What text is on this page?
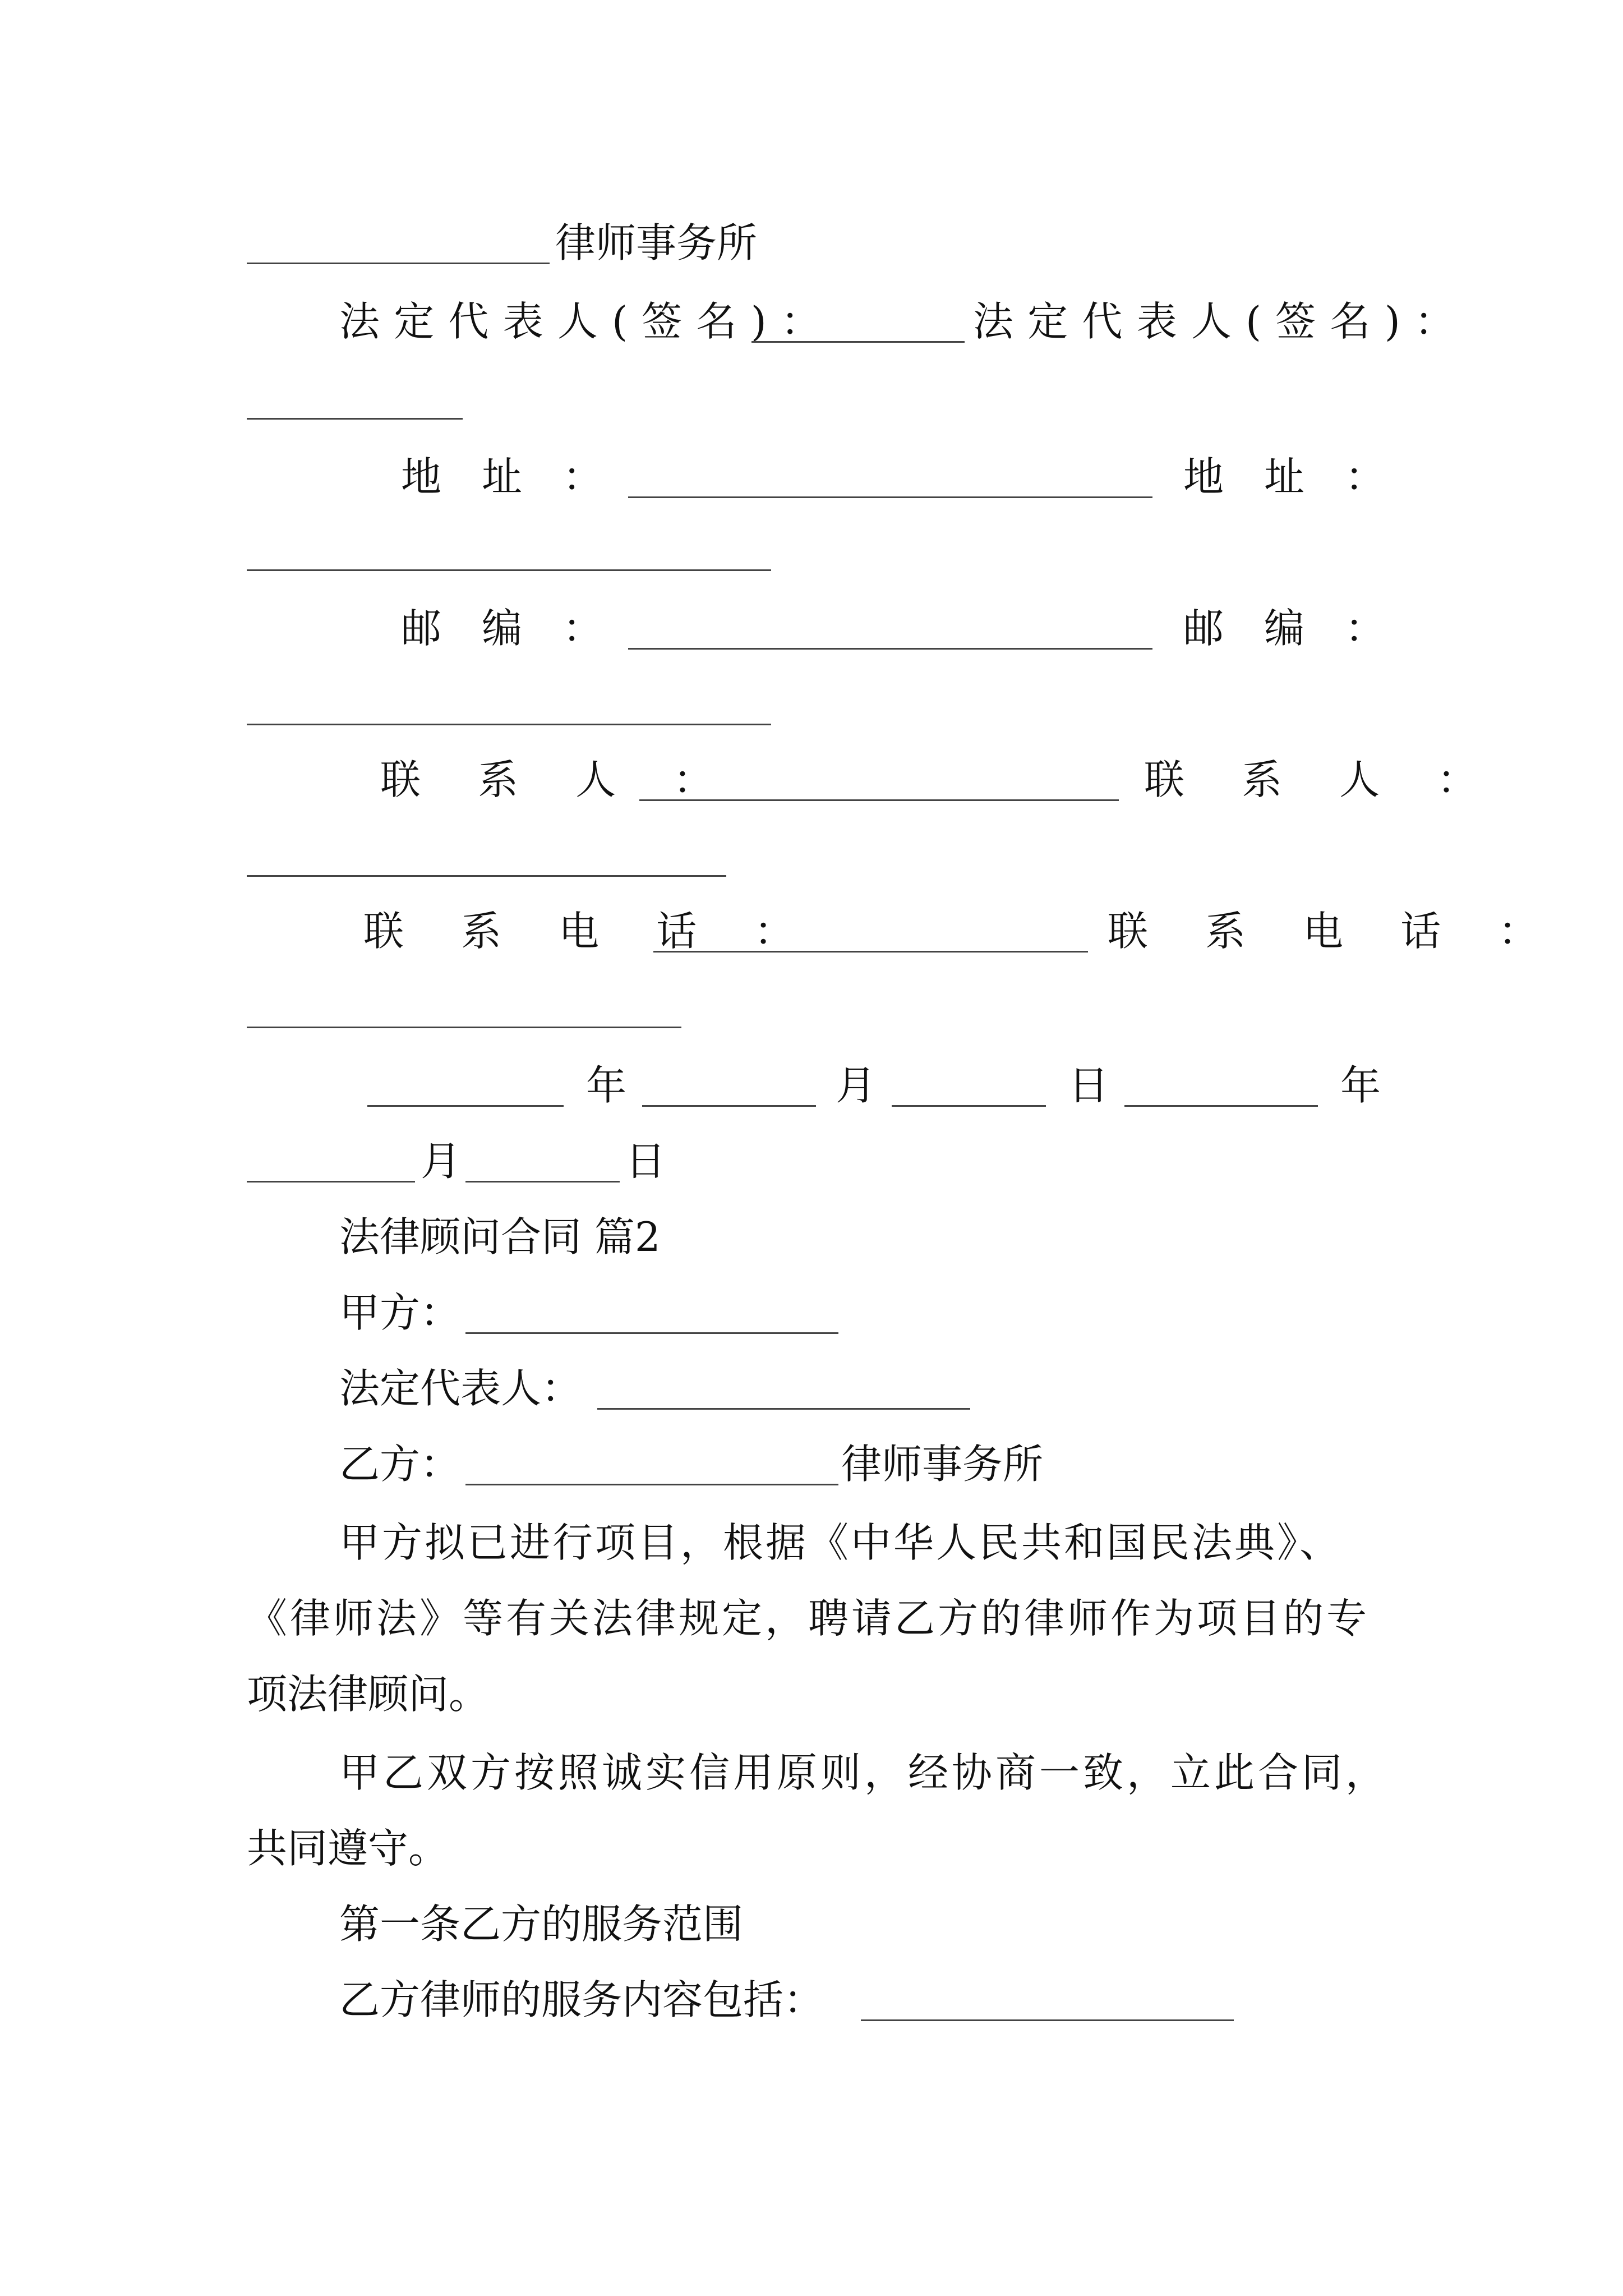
律师事务所
法定代表人(签名)：	法定代表人(签名)：
地　址　：	地　址　：
邮　编　：	邮　编　：
联 系 人 ：	联 系 人 ：
联 系 电 话 ：	联 系 电 话 ：
年	月	日	年
月	日
法律顾问合同 篇2
甲方：
法定代表人：
乙方：	律师事务所
甲方拟已进行项目，根据《中华人民共和国民法典》、
《律师法》等有关法律规定，聘请乙方的律师作为项目的专
项法律顾问。
甲乙双方按照诚实信用原则，经协商一致，立此合同，
共同遵守。
第一条乙方的服务范围
乙方律师的服务内容包括：
